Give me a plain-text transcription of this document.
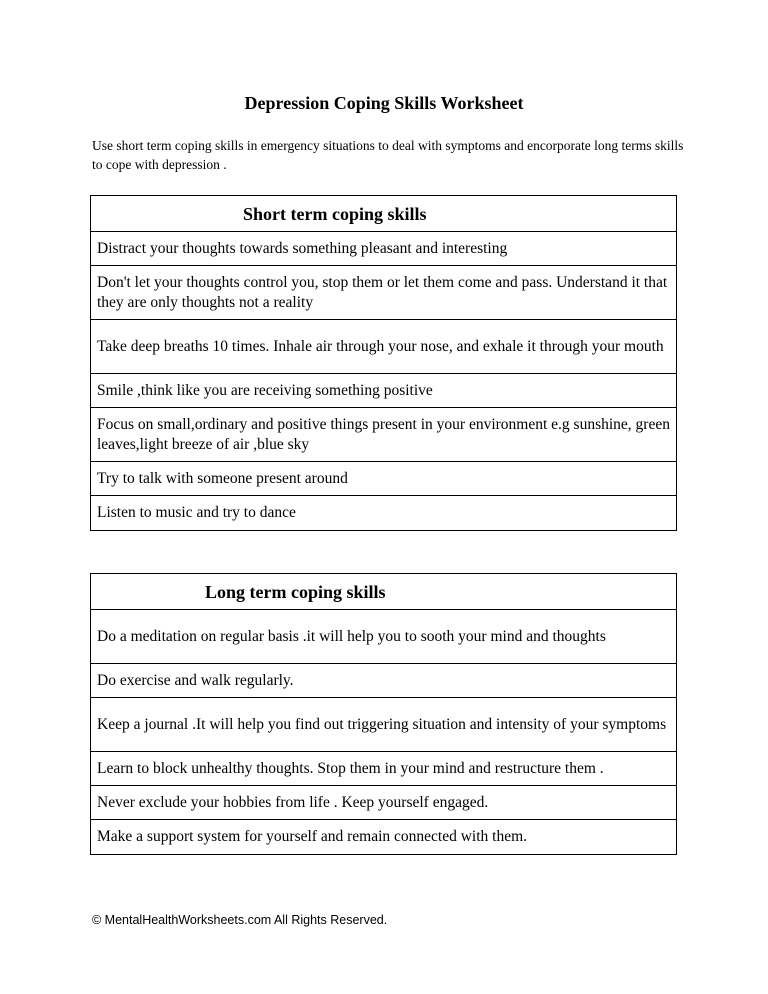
Depression Coping Skills Worksheet
Use short term coping skills in emergency situations to deal with symptoms and encorporate long terms skills to cope with depression .
Short term coping skills
Distract your thoughts towards something pleasant and interesting
Don't let your thoughts control you, stop them or let them come and pass. Understand it that they are only thoughts not a reality
Take deep breaths 10 times. Inhale air through your nose, and exhale it through your mouth
Smile ,think like you are receiving something positive
Focus on small,ordinary and positive things present in your environment e.g sunshine, green leaves,light breeze of air ,blue sky
Try to talk with someone present around
Listen to music and try to dance
Long term coping skills
Do a meditation on regular basis .it will help you to sooth your mind and thoughts
Do exercise and walk regularly.
Keep a journal .It will help you find out triggering situation and intensity of your symptoms
Learn to block unhealthy thoughts. Stop them in your mind and restructure them .
Never exclude your hobbies from life . Keep yourself engaged.
Make a support system for yourself and remain connected with them.
© MentalHealthWorksheets.com All Rights Reserved.
